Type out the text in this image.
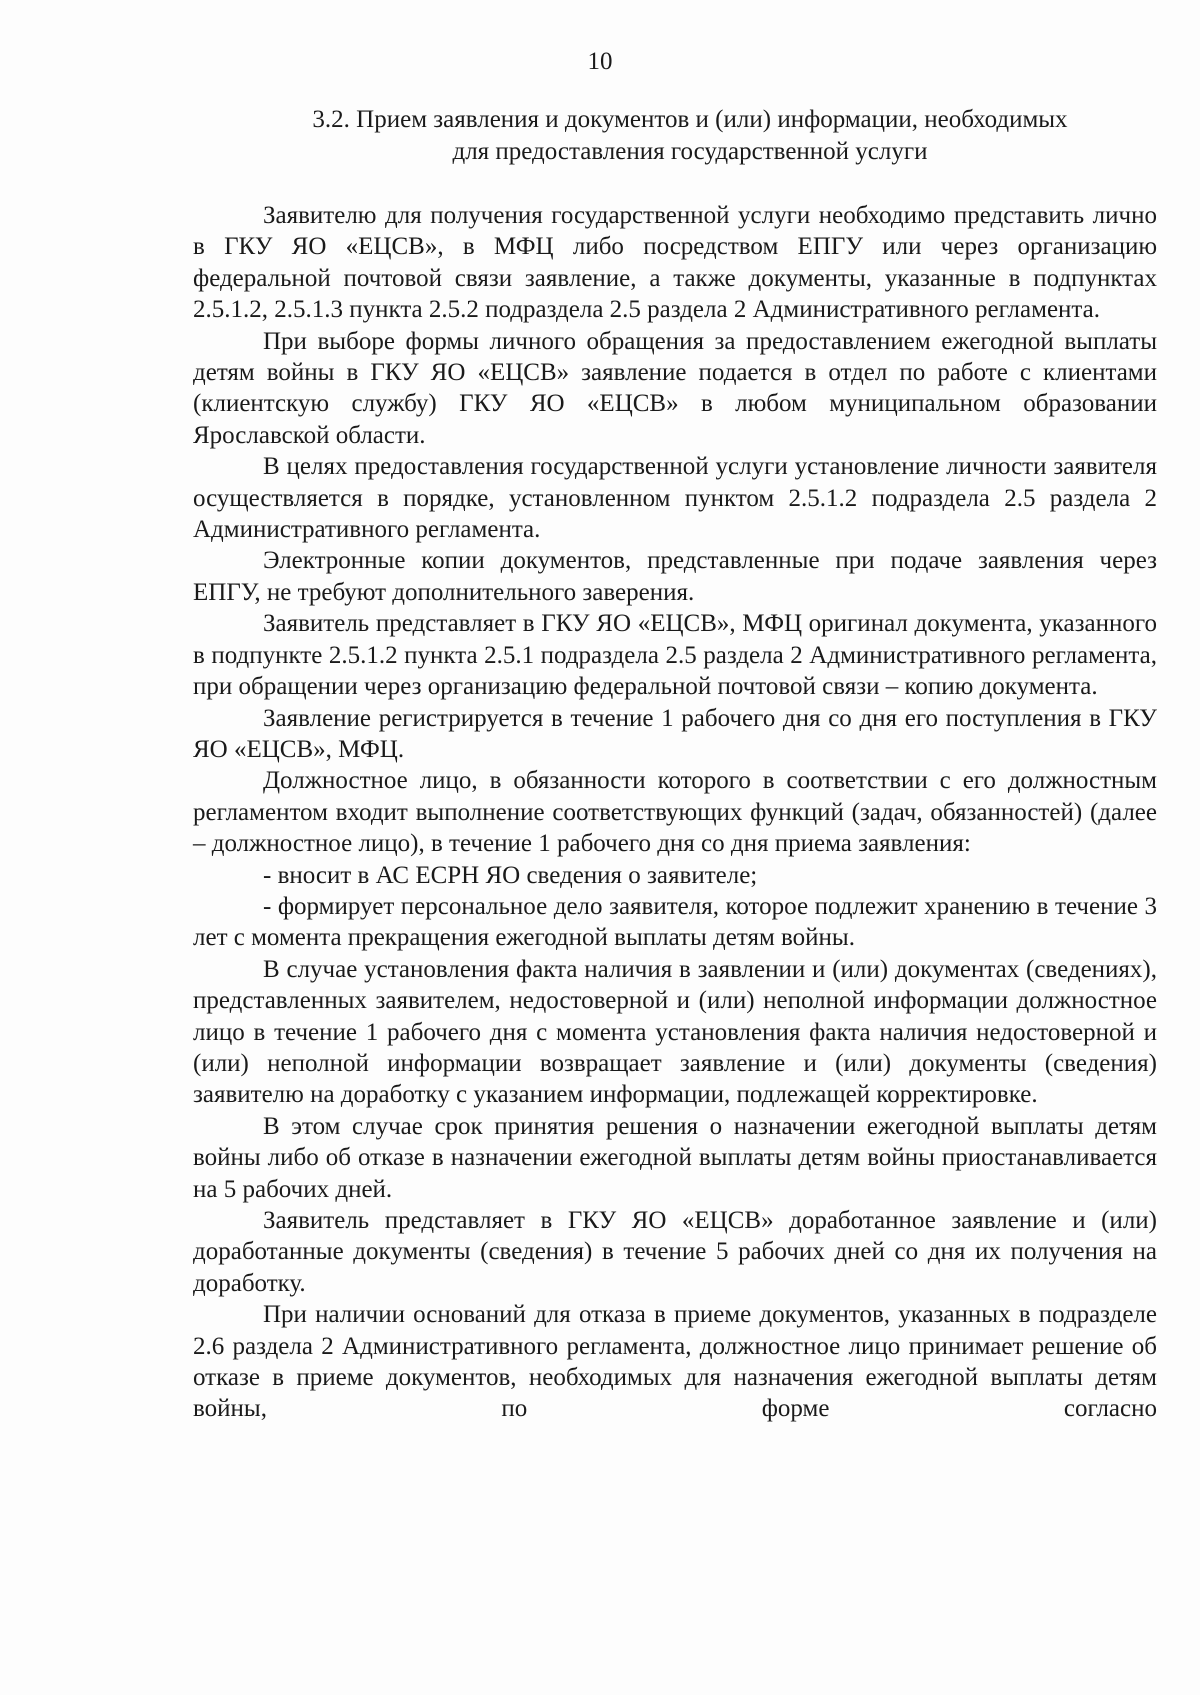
10
3.2. Прием заявления и документов и (или) информации, необходимых
для предоставления государственной услуги

Заявителю для получения государственной услуги необходимо представить лично в ГКУ ЯО «ЕЦСВ», в МФЦ либо посредством ЕПГУ или через организацию федеральной почтовой связи заявление, а также документы, указанные в подпунктах 2.5.1.2, 2.5.1.3 пункта 2.5.2 подраздела 2.5 раздела 2 Административного регламента.

При выборе формы личного обращения за предоставлением ежегодной выплаты детям войны в ГКУ ЯО «ЕЦСВ» заявление подается в отдел по работе с клиентами (клиентскую службу) ГКУ ЯО «ЕЦСВ» в любом муниципальном образовании Ярославской области.

В целях предоставления государственной услуги установление личности заявителя осуществляется в порядке, установленном пунктом 2.5.1.2 подраздела 2.5 раздела 2 Административного регламента.

Электронные копии документов, представленные при подаче заявления через ЕПГУ, не требуют дополнительного заверения.

Заявитель представляет в ГКУ ЯО «ЕЦСВ», МФЦ оригинал документа, указанного в подпункте 2.5.1.2 пункта 2.5.1 подраздела 2.5 раздела 2 Административного регламента, при обращении через организацию федеральной почтовой связи – копию документа.

Заявление регистрируется в течение 1 рабочего дня со дня его поступления в ГКУ ЯО «ЕЦСВ», МФЦ.

Должностное лицо, в обязанности которого в соответствии с его должностным регламентом входит выполнение соответствующих функций (задач, обязанностей) (далее – должностное лицо), в течение 1 рабочего дня со дня приема заявления:

- вносит в АС ЕСРН ЯО сведения о заявителе;

- формирует персональное дело заявителя, которое подлежит хранению в течение 3 лет с момента прекращения ежегодной выплаты детям войны.

В случае установления факта наличия в заявлении и (или) документах (сведениях), представленных заявителем, недостоверной и (или) неполной информации должностное лицо в течение 1 рабочего дня с момента установления факта наличия недостоверной и (или) неполной информации возвращает заявление и (или) документы (сведения) заявителю на доработку с указанием информации, подлежащей корректировке.

В этом случае срок принятия решения о назначении ежегодной выплаты детям войны либо об отказе в назначении ежегодной выплаты детям войны приостанавливается на 5 рабочих дней.

Заявитель представляет в ГКУ ЯО «ЕЦСВ» доработанное заявление и (или) доработанные документы (сведения) в течение 5 рабочих дней со дня их получения на доработку.

При наличии оснований для отказа в приеме документов, указанных в подразделе 2.6 раздела 2 Административного регламента, должностное лицо принимает решение об отказе в приеме документов, необходимых для назначения ежегодной выплаты детям войны, по форме согласно
